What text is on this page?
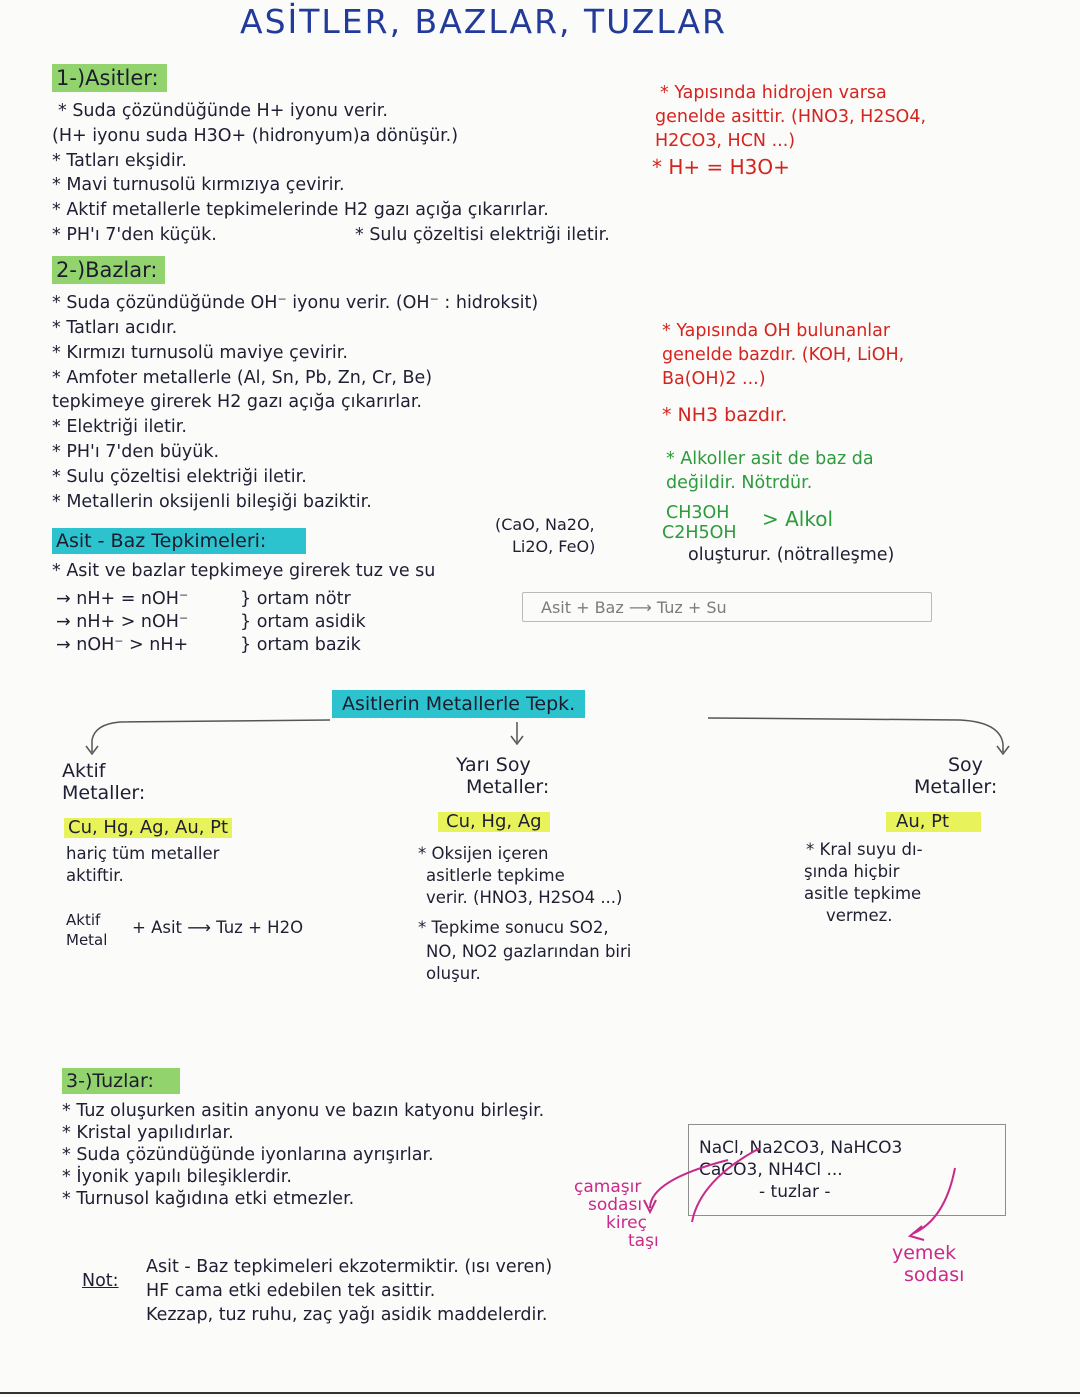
ASİTLER, BAZLAR, TUZLAR
1-)Asitler:
* Suda çözündüğünde H+ iyonu verir.
(H+ iyonu suda H3O+ (hidronyum)a dönüşür.)
* Tatları ekşidir.
* Mavi turnusolü kırmızıya çevirir.
* Aktif metallerle tepkimelerinde H2 gazı açığa çıkarırlar.
* PH'ı 7'den küçük.	* Sulu çözeltisi elektriği iletir.
* Yapısında hidrojen varsa
genelde asittir. (HNO3, H2SO4,
H2CO3, HCN ...)
* H+ = H3O+
2-)Bazlar:
* Suda çözündüğünde OH⁻ iyonu verir. (OH⁻ : hidroksit)
* Tatları acıdır.
* Kırmızı turnusolü maviye çevirir.
* Amfoter metallerle (Al, Sn, Pb, Zn, Cr, Be)
tepkimeye girerek H2 gazı açığa çıkarırlar.
* Elektriği iletir.
* PH'ı 7'den büyük.
* Sulu çözeltisi elektriği iletir.
* Metallerin oksijenli bileşiği baziktir.
(CaO, Na2O,
Li2O, FeO)
* Yapısında OH bulunanlar
genelde bazdır. (KOH, LiOH,
Ba(OH)2 ...)
* NH3 bazdır.
* Alkoller asit de baz da
değildir. Nötrdür.
CH3OH
C2H5OH
> Alkol
Asit - Baz Tepkimeleri:
* Asit ve bazlar tepkimeye girerek tuz ve su
oluşturur. (nötralleşme)
→ nH+ = nOH⁻	} ortam nötr
→ nH+ > nOH⁻	} ortam asidik
→ nOH⁻ > nH+	} ortam bazik
Asit + Baz ⟶ Tuz + Su
Asitlerin Metallerle Tepk.
Aktif
Metaller:
Cu, Hg, Ag, Au, Pt
hariç tüm metaller
aktiftir.
Aktif
Metal
+ Asit ⟶ Tuz + H2O
Yarı Soy
Metaller:
Cu, Hg, Ag
* Oksijen içeren
asitlerle tepkime
verir. (HNO3, H2SO4 ...)
* Tepkime sonucu SO2,
NO, NO2 gazlarından biri
oluşur.
Soy
Metaller:
Au, Pt
* Kral suyu dı-
şında hiçbir
asitle tepkime
vermez.
3-)Tuzlar:
* Tuz oluşurken asitin anyonu ve bazın katyonu birleşir.
* Kristal yapılıdırlar.
* Suda çözündüğünde iyonlarına ayrışırlar.
* İyonik yapılı bileşiklerdir.
* Turnusol kağıdına etki etmezler.
NaCl, Na2CO3, NaHCO3
CaCO3, NH4Cl ...
- tuzlar -
çamaşır
sodası
kireç
taşı
yemek
sodası
Not:
Asit - Baz tepkimeleri ekzotermiktir. (ısı veren)
HF cama etki edebilen tek asittir.
Kezzap, tuz ruhu, zaç yağı asidik maddelerdir.
